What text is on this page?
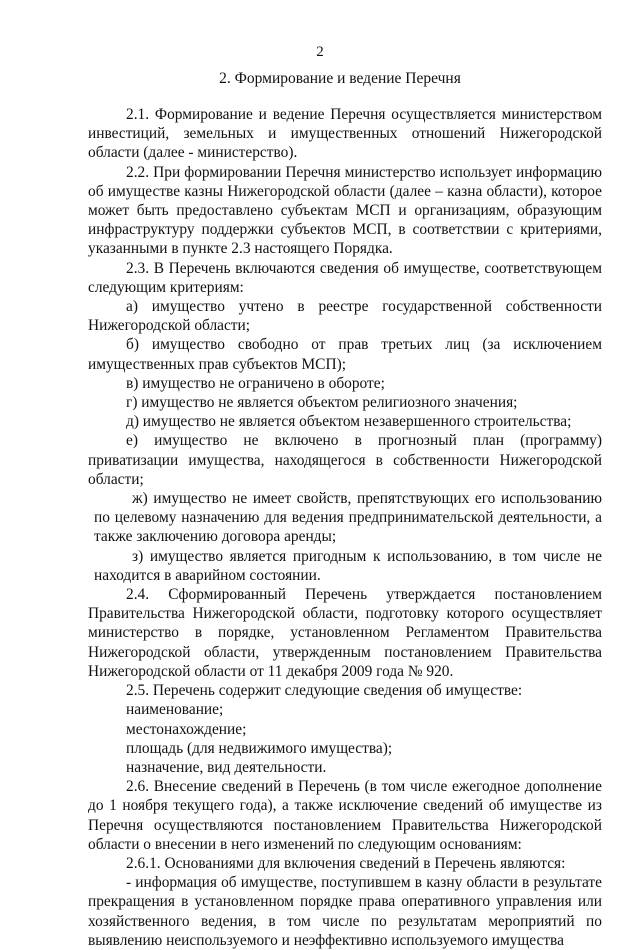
2
2. Формирование и ведение Перечня

2.1. Формирование и ведение Перечня осуществляется министерством инвестиций, земельных и имущественных отношений Нижегородской области (далее - министерство).

2.2. При формировании Перечня министерство использует информацию об имуществе казны Нижегородской области (далее – казна области), которое может быть предоставлено субъектам МСП и организациям, образующим инфраструктуру поддержки субъектов МСП, в соответствии с критериями, указанными в пункте 2.3 настоящего Порядка.

2.3. В Перечень включаются сведения об имуществе, соответствующем следующим критериям:

а) имущество учтено в реестре государственной собственности Нижегородской области;

б) имущество свободно от прав третьих лиц (за исключением имущественных прав субъектов МСП);

в) имущество не ограничено в обороте;

г) имущество не является объектом религиозного значения;

д) имущество не является объектом незавершенного строительства;

е) имущество не включено в прогнозный план (программу) приватизации имущества, находящегося в собственности Нижегородской области;

ж) имущество не имеет свойств, препятствующих его использованию по целевому назначению для ведения предпринимательской деятельности, а также заключению договора аренды;

з) имущество является пригодным к использованию, в том числе не находится в аварийном состоянии.

2.4. Сформированный Перечень утверждается постановлением Правительства Нижегородской области, подготовку которого осуществляет министерство в порядке, установленном Регламентом Правительства Нижегородской области, утвержденным постановлением Правительства Нижегородской области от 11 декабря 2009 года № 920.

2.5. Перечень содержит следующие сведения об имуществе:

наименование;

местонахождение;

площадь (для недвижимого имущества);

назначение, вид деятельности.

2.6. Внесение сведений в Перечень (в том числе ежегодное дополнение до 1 ноября текущего года), а также исключение сведений об имуществе из Перечня осуществляются постановлением Правительства Нижегородской области о внесении в него изменений по следующим основаниям:

2.6.1. Основаниями для включения сведений в Перечень являются:

- информация об имуществе, поступившем в казну области в результате прекращения в установленном порядке права оперативного управления или хозяйственного ведения, в том числе по результатам мероприятий по выявлению неиспользуемого и неэффективно используемого имущества
